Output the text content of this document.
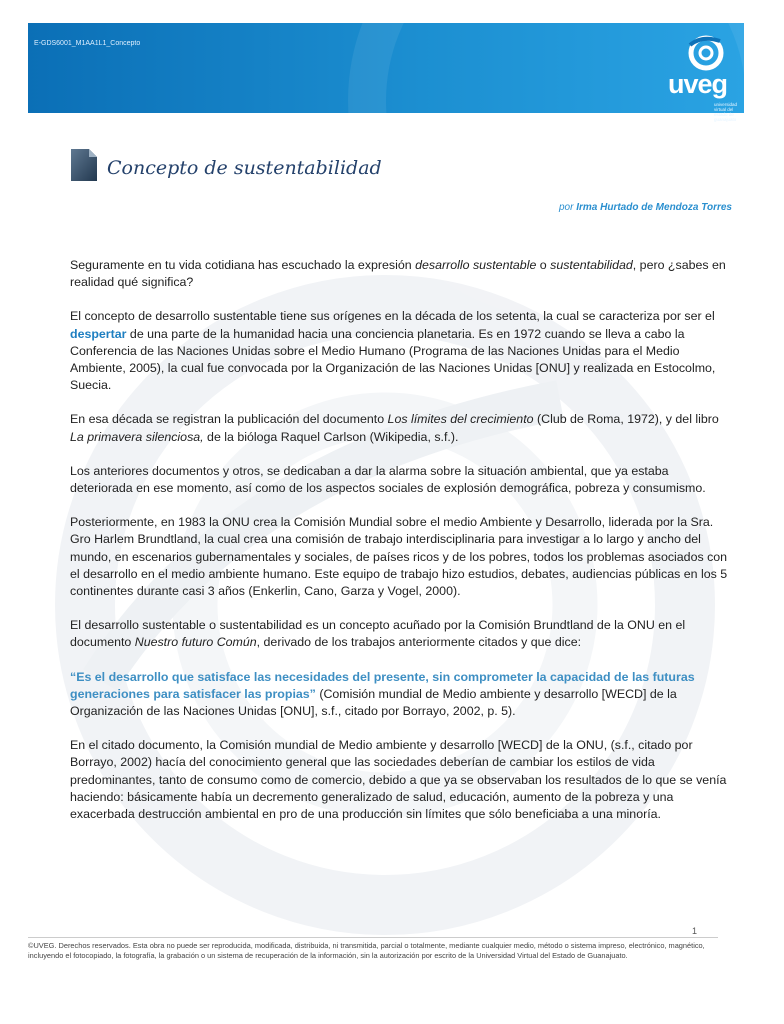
E-GDS6001_M1AA1L1_Concepto
uveg
universidad virtual del estado de guanajuato
Concepto de sustentabilidad
por Irma Hurtado de Mendoza Torres

Seguramente en tu vida cotidiana has escuchado la expresión desarrollo sustentable o sustentabilidad, pero ¿sabes en realidad qué significa?

El concepto de desarrollo sustentable tiene sus orígenes en la década de los setenta, la cual se caracteriza por ser el despertar de una parte de la humanidad hacia una conciencia planetaria. Es en 1972 cuando se lleva a cabo la Conferencia de las Naciones Unidas sobre el Medio Humano (Programa de las Naciones Unidas para el Medio Ambiente, 2005), la cual fue convocada por la Organización de las Naciones Unidas [ONU] y realizada en Estocolmo, Suecia.

En esa década se registran la publicación del documento Los límites del crecimiento (Club de Roma, 1972), y del libro La primavera silenciosa, de la bióloga Raquel Carlson (Wikipedia, s.f.).

Los anteriores documentos y otros, se dedicaban a dar la alarma sobre la situación ambiental, que ya estaba deteriorada en ese momento, así como de los aspectos sociales de explosión demográfica, pobreza y consumismo.

Posteriormente, en 1983 la ONU crea la Comisión Mundial sobre el medio Ambiente y Desarrollo, liderada por la Sra. Gro Harlem Brundtland, la cual crea una comisión de trabajo interdisciplinaria para investigar a lo largo y ancho del mundo, en escenarios gubernamentales y sociales, de países ricos y de los pobres, todos los problemas asociados con el desarrollo en el medio ambiente humano. Este equipo de trabajo hizo estudios, debates, audiencias públicas en los 5 continentes durante casi 3 años (Enkerlin, Cano, Garza y Vogel, 2000).

El desarrollo sustentable o sustentabilidad es un concepto acuñado por la Comisión Brundtland de la ONU en el documento Nuestro futuro Común, derivado de los trabajos anteriormente citados y que dice:

“Es el desarrollo que satisface las necesidades del presente, sin comprometer la capacidad de las futuras generaciones para satisfacer las propias” (Comisión mundial de Medio ambiente y desarrollo [WECD] de la Organización de las Naciones Unidas [ONU], s.f., citado por Borrayo, 2002, p. 5).

En el citado documento, la Comisión mundial de Medio ambiente y desarrollo [WECD] de la ONU, (s.f., citado por Borrayo, 2002) hacía del conocimiento general que las sociedades deberían de cambiar los estilos de vida predominantes, tanto de consumo como de comercio, debido a que ya se observaban los resultados de lo que se venía haciendo: básicamente había un decremento generalizado de salud, educación, aumento de la pobreza y una exacerbada destrucción ambiental en pro de una producción sin límites que sólo beneficiaba a una minoría.

1
©UVEG. Derechos reservados. Esta obra no puede ser reproducida, modificada, distribuida, ni transmitida, parcial o totalmente, mediante cualquier medio, método o sistema impreso, electrónico, magnético, incluyendo el fotocopiado, la fotografía, la grabación o un sistema de recuperación de la información, sin la autorización por escrito de la Universidad Virtual del Estado de Guanajuato.
